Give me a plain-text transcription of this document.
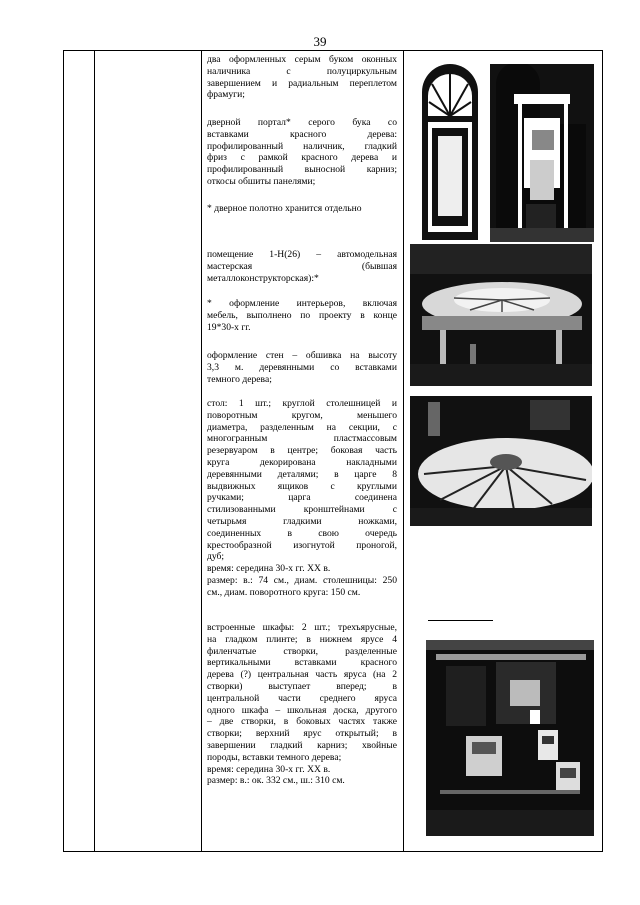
39

два оформленных серым буком оконных

наличника с полуциркульным

завершением и радиальным переплетом

фрамуги;

дверной портал* серого бука со

вставками красного дерева:

профилированный наличник, гладкий

фриз с рамкой красного дерева и

профилированный выносной карниз;

откосы обшиты панелями;

* дверное полотно хранится отдельно

помещение 1-Н(26) – автомодельная

мастерская (бывшая

металлоконструкторская):*

* оформление интерьеров, включая

мебель, выполнено по проекту в конце

19*30-х гг.

оформление стен – обшивка на высоту

3,3 м. деревянными со вставками

темного дерева;

стол: 1 шт.; круглой столешницей и

поворотным кругом, меньшего

диаметра, разделенным на секции, с

многогранным пластмассовым

резервуаром в центре; боковая часть

круга декорирована накладными

деревянными деталями; в царге 8

выдвижных ящиков с круглыми

ручками; царга соединена

стилизованными кронштейнами с

четырьмя гладкими ножками,

соединенных в свою очередь

крестообразной изогнутой проногой,

дуб;

время: середина 30-х гг. XX в.

размер: в.: 74 см., диам. столешницы: 250

см., диам. поворотного круга: 150 см.

встроенные шкафы: 2 шт.; трехъярусные,

на гладком плинте; в нижнем ярусе 4

филенчатые створки, разделенные

вертикальными вставками красного

дерева (?) центральная часть яруса (на 2

створки) выступает вперед; в

центральной части среднего яруса

одного шкафа – школьная доска, другого

– две створки, в боковых частях также

створки; верхний ярус открытый; в

завершении гладкий карниз; хвойные

породы, вставки темного дерева;

время: середина 30-х гг. XX в.

размер: в.: ок. 332 см., ш.: 310 см.
